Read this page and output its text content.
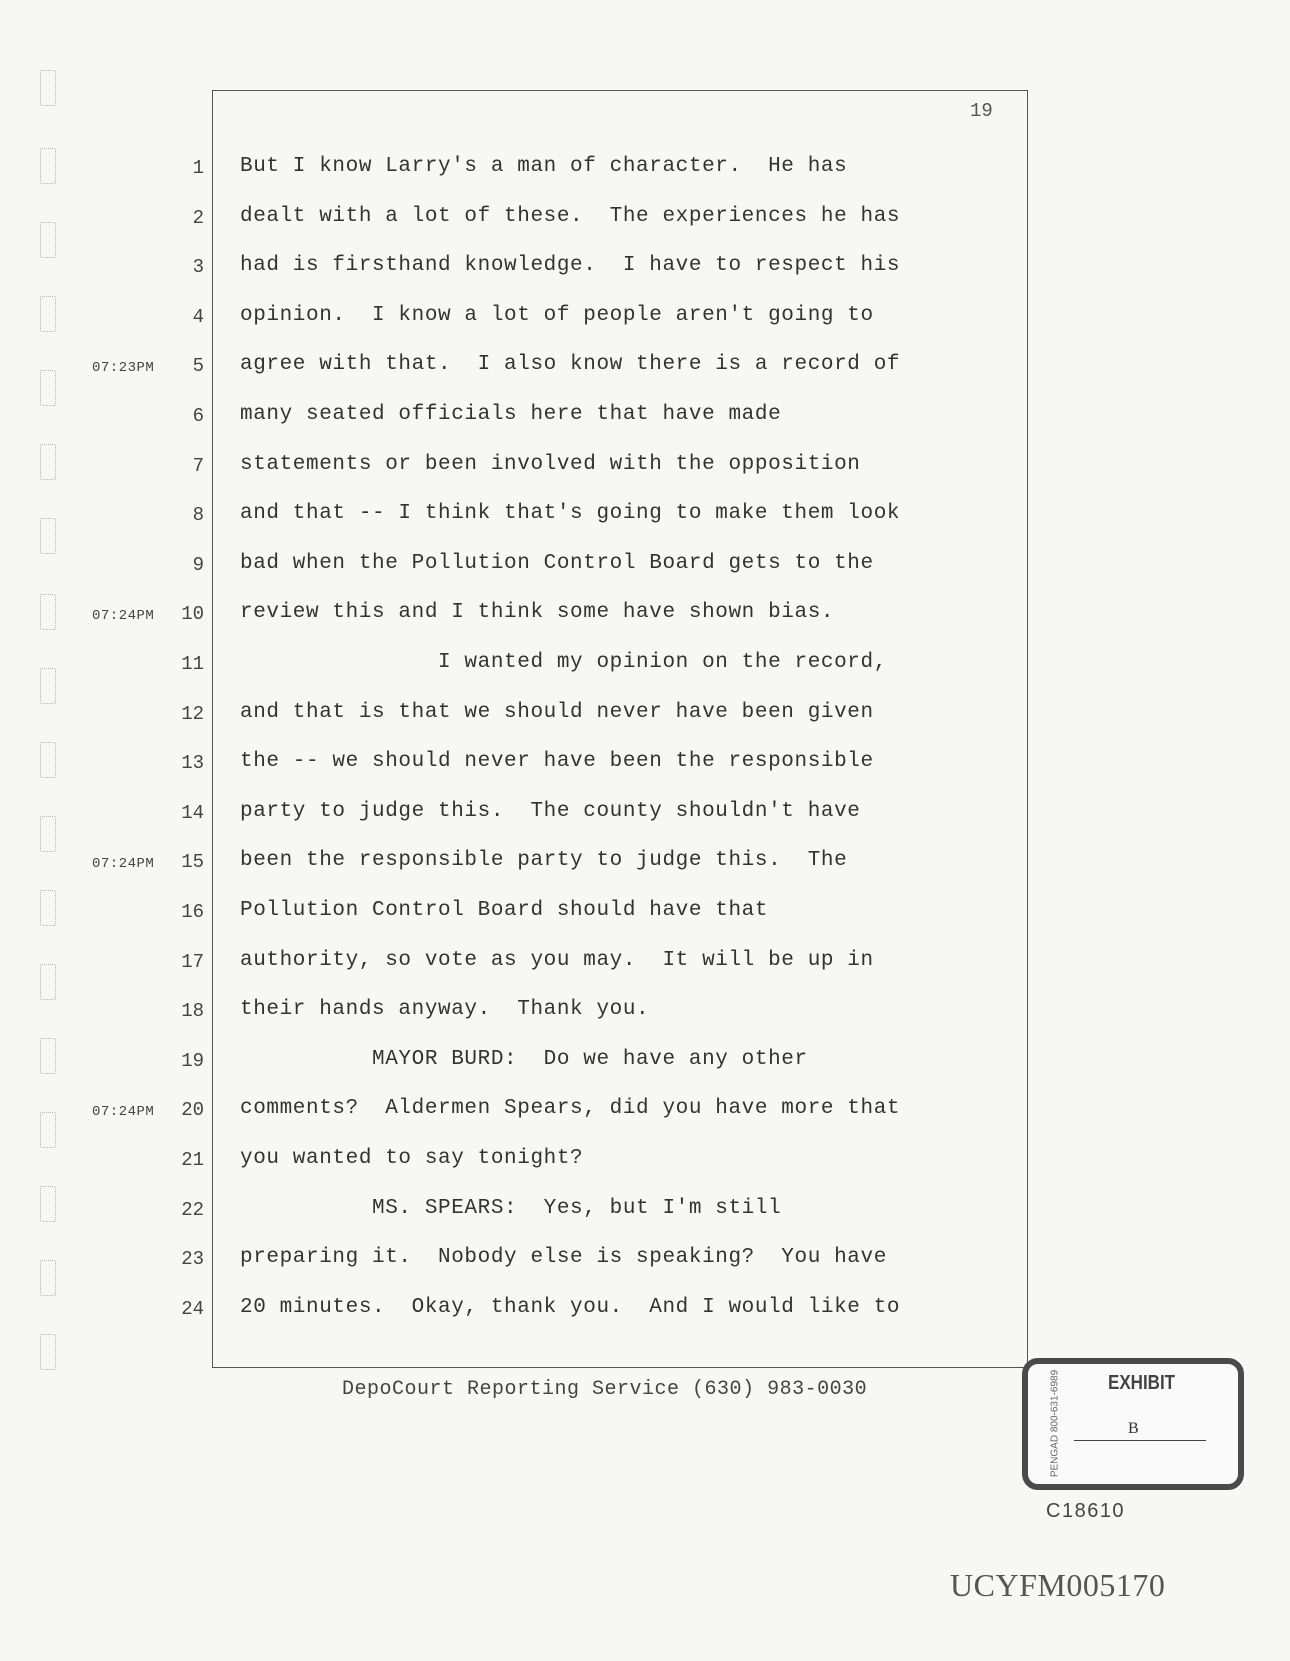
19
1 But I know Larry's a man of character.  He has
2 dealt with a lot of these.  The experiences he has
3 had is firsthand knowledge.  I have to respect his
4 opinion.  I know a lot of people aren't going to
07:23PM	5 agree with that.  I also know there is a record of
6 many seated officials here that have made
7 statements or been involved with the opposition
8 and that -- I think that's going to make them look
9 bad when the Pollution Control Board gets to the
07:24PM	10 review this and I think some have shown bias.
11 I wanted my opinion on the record,
12 and that is that we should never have been given
13 the -- we should never have been the responsible
14 party to judge this.  The county shouldn't have
07:24PM	15 been the responsible party to judge this.  The
16 Pollution Control Board should have that
17 authority, so vote as you may.  It will be up in
18 their hands anyway.  Thank you.
19 MAYOR BURD:  Do we have any other
07:24PM	20 comments?  Aldermen Spears, did you have more that
21 you wanted to say tonight?
22 MS. SPEARS:  Yes, but I'm still
23 preparing it.  Nobody else is speaking?  You have
24 20 minutes.  Okay, thank you.  And I would like to
DepoCourt Reporting Service (630) 983-0030	PENGAD 800-631-6989 EXHIBIT
B
C18610
UCYFM005170
